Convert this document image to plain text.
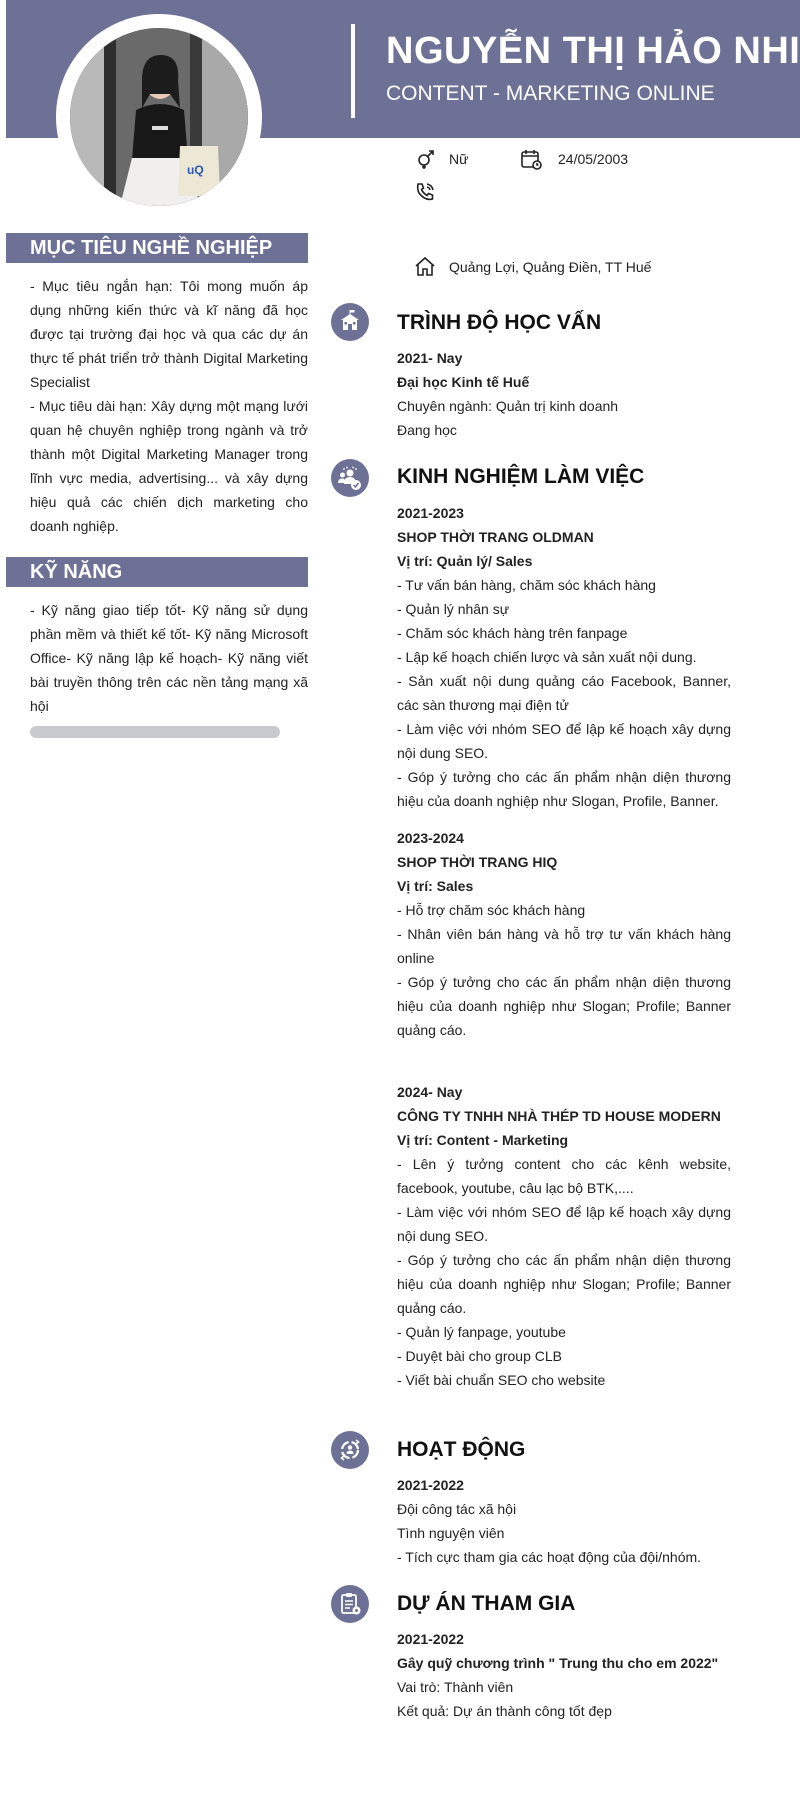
uQ
NGUYỄN THỊ HẢO NHI
CONTENT - MARKETING ONLINE
Nữ	24/05/2003
Quảng Lợi, Quảng Điền, TT Huế
MỤC TIÊU NGHỀ NGHIỆP

- Mục tiêu ngắn hạn: Tôi mong muốn áp dụng những kiến thức và kĩ năng đã học được tại trường đại học và qua các dự án thực tế phát triển trở thành Digital Marketing Specialist

- Mục tiêu dài hạn: Xây dựng một mạng lưới quan hệ chuyên nghiệp trong ngành và trở thành một Digital Marketing Manager trong lĩnh vực media, advertising... và xây dựng hiệu quả các chiến dịch marketing cho doanh nghiệp.

KỸ NĂNG

- Kỹ năng giao tiếp tốt- Kỹ năng sử dụng phần mềm và thiết kế tốt- Kỹ năng Microsoft Office- Kỹ năng lập kế hoạch- Kỹ năng viết bài truyền thông trên các nền tảng mạng xã hội

TRÌNH ĐỘ HỌC VẤN

2021- Nay

Đại học Kinh tế Huế

Chuyên ngành: Quản trị kinh doanh

Đang học

KINH NGHIỆM LÀM VIỆC

2021-2023

SHOP THỜI TRANG OLDMAN

Vị trí: Quản lý/ Sales

- Tư vấn bán hàng, chăm sóc khách hàng

- Quản lý nhân sự

- Chăm sóc khách hàng trên fanpage

- Lập kế hoạch chiến lược và sản xuất nội dung.

- Sản xuất nội dung quảng cáo Facebook, Banner, các sàn thương mại điện tử

- Làm việc với nhóm SEO để lập kế hoạch xây dựng nội dung SEO.

- Góp ý tưởng cho các ấn phẩm nhận diện thương hiệu của doanh nghiệp như Slogan, Profile, Banner.

2023-2024

SHOP THỜI TRANG HIQ

Vị trí: Sales

- Hỗ trợ chăm sóc khách hàng

- Nhân viên bán hàng và hỗ trợ tư vấn khách hàng online

- Góp ý tưởng cho các ấn phẩm nhận diện thương hiệu của doanh nghiệp như Slogan; Profile; Banner quảng cáo.

2024- Nay

CÔNG TY TNHH NHÀ THÉP TD HOUSE MODERN

Vị trí: Content - Marketing

- Lên ý tưởng content cho các kênh website, facebook, youtube, câu lạc bộ BTK,....

- Làm việc với nhóm SEO để lập kế hoạch xây dựng nội dung SEO.

- Góp ý tưởng cho các ấn phẩm nhận diện thương hiệu của doanh nghiệp như Slogan; Profile; Banner quảng cáo.

- Quản lý fanpage, youtube

- Duyệt bài cho group CLB

- Viết bài chuẩn SEO cho website

HOẠT ĐỘNG

2021-2022

Đội công tác xã hội

Tình nguyện viên

- Tích cực tham gia các hoạt động của đội/nhóm.

DỰ ÁN THAM GIA

2021-2022

Gây quỹ chương trình " Trung thu cho em 2022"

Vai trò: Thành viên

Kết quả: Dự án thành công tốt đẹp
